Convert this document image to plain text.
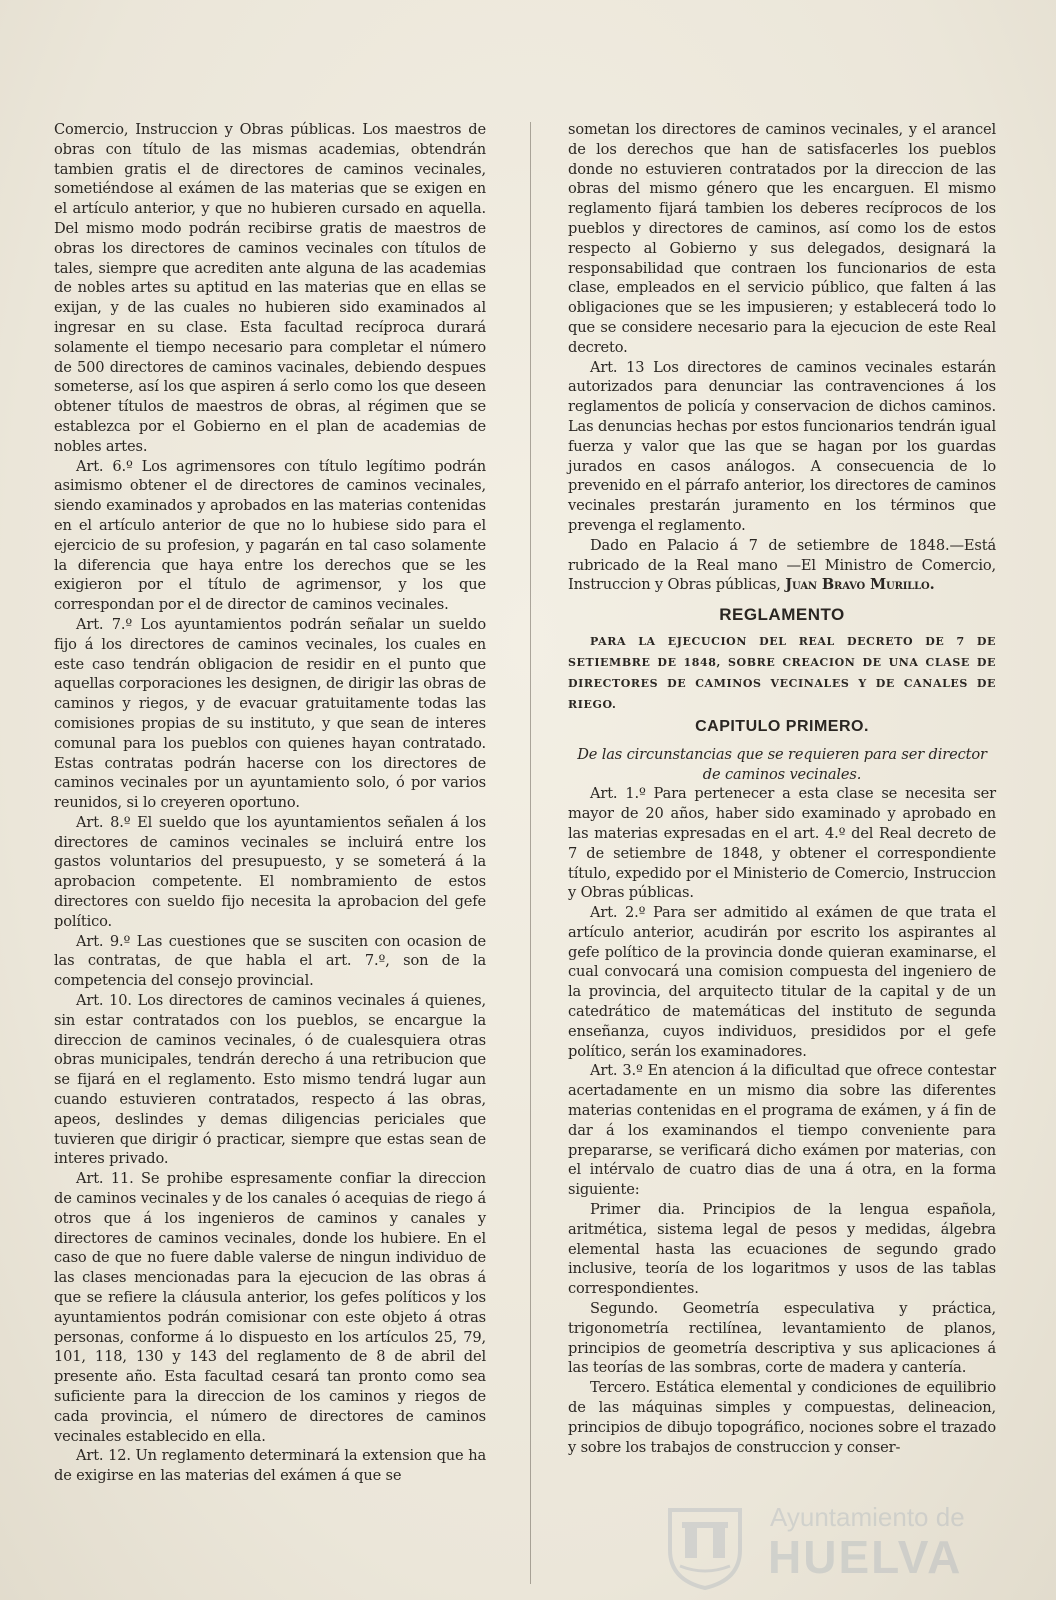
Comercio, Instruccion y Obras públicas. Los maestros de obras con título de las mismas academias, obtendrán tambien gratis el de directores de caminos vecinales, sometiéndose al exámen de las materias que se exigen en el artículo anterior, y que no hubieren cursado en aquella. Del mismo modo podrán recibirse gratis de maestros de obras los directores de caminos vecinales con títulos de tales, siempre que acrediten ante alguna de las academias de nobles artes su aptitud en las materias que en ellas se exijan, y de las cuales no hubieren sido examinados al ingresar en su clase. Esta facultad recíproca durará solamente el tiempo necesario para completar el número de 500 directores de caminos vacinales, debiendo despues someterse, así los que aspiren á serlo como los que deseen obtener títulos de maestros de obras, al régimen que se establezca por el Gobierno en el plan de academias de nobles artes.

Art. 6.º Los agrimensores con título legítimo podrán asimismo obtener el de directores de caminos vecinales, siendo examinados y aprobados en las materias contenidas en el artículo anterior de que no lo hubiese sido para el ejercicio de su profesion, y pagarán en tal caso solamente la diferencia que haya entre los derechos que se les exigieron por el título de agrimensor, y los que correspondan por el de director de caminos vecinales.

Art. 7.º Los ayuntamientos podrán señalar un sueldo fijo á los directores de caminos vecinales, los cuales en este caso tendrán obligacion de residir en el punto que aquellas corporaciones les designen, de dirigir las obras de caminos y riegos, y de evacuar gratuitamente todas las comisiones propias de su instituto, y que sean de interes comunal para los pueblos con quienes hayan contratado. Estas contratas podrán hacerse con los directores de caminos vecinales por un ayuntamiento solo, ó por varios reunidos, si lo creyeren oportuno.

Art. 8.º El sueldo que los ayuntamientos señalen á los directores de caminos vecinales se incluirá entre los gastos voluntarios del presupuesto, y se someterá á la aprobacion competente. El nombramiento de estos directores con sueldo fijo necesita la aprobacion del gefe político.

Art. 9.º Las cuestiones que se susciten con ocasion de las contratas, de que habla el art. 7.º, son de la competencia del consejo provincial.

Art. 10. Los directores de caminos vecinales á quienes, sin estar contratados con los pueblos, se encargue la direccion de caminos vecinales, ó de cualesquiera otras obras municipales, tendrán derecho á una retribucion que se fijará en el reglamento. Esto mismo tendrá lugar aun cuando estuvieren contratados, respecto á las obras, apeos, deslindes y demas diligencias periciales que tuvieren que dirigir ó practicar, siempre que estas sean de interes privado.

Art. 11. Se prohibe espresamente confiar la direccion de caminos vecinales y de los canales ó acequias de riego á otros que á los ingenieros de caminos y canales y directores de caminos vecinales, donde los hubiere. En el caso de que no fuere dable valerse de ningun individuo de las clases mencionadas para la ejecucion de las obras á que se refiere la cláusula anterior, los gefes políticos y los ayuntamientos podrán comisionar con este objeto á otras personas, conforme á lo dispuesto en los artículos 25, 79, 101, 118, 130 y 143 del reglamento de 8 de abril del presente año. Esta facultad cesará tan pronto como sea suficiente para la direccion de los caminos y riegos de cada provincia, el número de directores de caminos vecinales establecido en ella.

Art. 12. Un reglamento determinará la extension que ha de exigirse en las materias del exámen á que se

sometan los directores de caminos vecinales, y el arancel de los derechos que han de satisfacerles los pueblos donde no estuvieren contratados por la direccion de las obras del mismo género que les encarguen. El mismo reglamento fijará tambien los deberes recíprocos de los pueblos y directores de caminos, así como los de estos respecto al Gobierno y sus delegados, designará la responsabilidad que contraen los funcionarios de esta clase, empleados en el servicio público, que falten á las obligaciones que se les impusieren; y establecerá todo lo que se considere necesario para la ejecucion de este Real decreto.

Art. 13 Los directores de caminos vecinales estarán autorizados para denunciar las contravenciones á los reglamentos de policía y conservacion de dichos caminos. Las denuncias hechas por estos funcionarios tendrán igual fuerza y valor que las que se hagan por los guardas jurados en casos análogos. A consecuencia de lo prevenido en el párrafo anterior, los directores de caminos vecinales prestarán juramento en los términos que prevenga el reglamento.

Dado en Palacio á 7 de setiembre de 1848.—Está rubricado de la Real mano —El Ministro de Comercio, Instruccion y Obras públicas, Juan Bravo Murillo.

REGLAMENTO

PARA LA EJECUCION DEL REAL DECRETO DE 7 DE SETIEMBRE DE 1848, SOBRE CREACION DE UNA CLASE DE DIRECTORES DE CAMINOS VECINALES Y DE CANALES DE RIEGO.

CAPITULO PRIMERO.

De las circunstancias que se requieren para ser director de caminos vecinales.

Art. 1.º Para pertenecer a esta clase se necesita ser mayor de 20 años, haber sido examinado y aprobado en las materias expresadas en el art. 4.º del Real decreto de 7 de setiembre de 1848, y obtener el correspondiente título, expedido por el Ministerio de Comercio, Instruccion y Obras públicas.

Art. 2.º Para ser admitido al exámen de que trata el artículo anterior, acudirán por escrito los aspirantes al gefe político de la provincia donde quieran examinarse, el cual convocará una comision compuesta del ingeniero de la provincia, del arquitecto titular de la capital y de un catedrático de matemáticas del instituto de segunda enseñanza, cuyos individuos, presididos por el gefe político, serán los examinadores.

Art. 3.º En atencion á la dificultad que ofrece contestar acertadamente en un mismo dia sobre las diferentes materias contenidas en el programa de exámen, y á fin de dar á los examinandos el tiempo conveniente para prepararse, se verificará dicho exámen por materias, con el intérvalo de cuatro dias de una á otra, en la forma siguiente:

Primer dia. Principios de la lengua española, aritmética, sistema legal de pesos y medidas, álgebra elemental hasta las ecuaciones de segundo grado inclusive, teoría de los logaritmos y usos de las tablas correspondientes.

Segundo. Geometría especulativa y práctica, trigonometría rectilínea, levantamiento de planos, principios de geometría descriptiva y sus aplicaciones á las teorías de las sombras, corte de madera y cantería.

Tercero. Estática elemental y condiciones de equilibrio de las máquinas simples y compuestas, delineacion, principios de dibujo topográfico, nociones sobre el trazado y sobre los trabajos de construccion y conser-

Ayuntamiento de
HUELVA
